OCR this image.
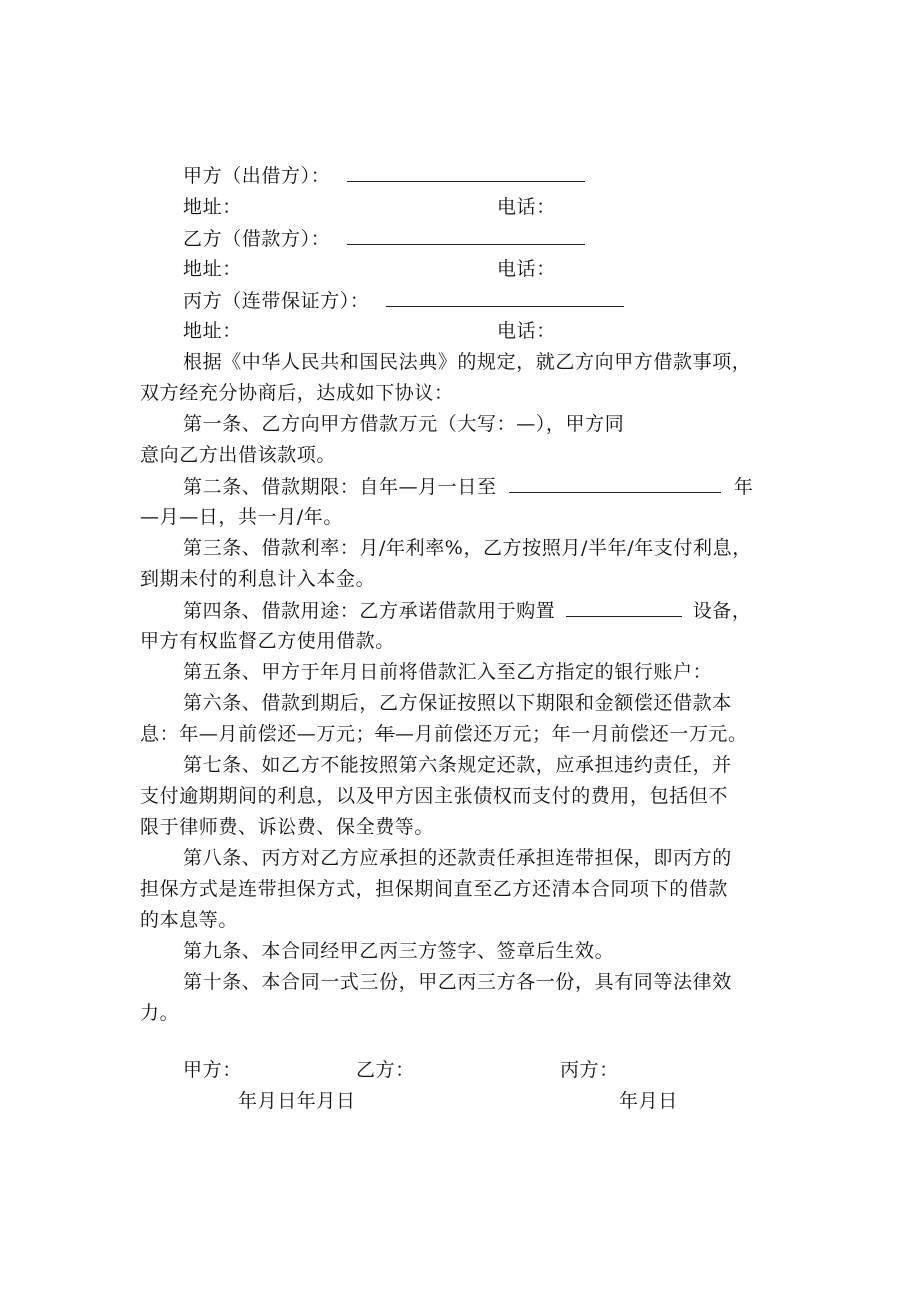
甲方（出借方）：
地址：	电话：
乙方（借款方）：
地址：	电话：
丙方（连带保证方）：
地址：	电话：
根据《中华人民共和国民法典》的规定，就乙方向甲方借款事项，
双方经充分协商后，达成如下协议：
第一条、乙方向甲方借款万元（大写：—），甲方同
意向乙方出借该款项。
第二条、借款期限：自年—月一日至	年
—月—日，共一月/年。
第三条、借款利率：月/年利率%，乙方按照月/半年/年支付利息，
到期未付的利息计入本金。
第四条、借款用途：乙方承诺借款用于购置	设备，
甲方有权监督乙方使用借款。
第五条、甲方于年月日前将借款汇入至乙方指定的银行账户：
第六条、借款到期后，乙方保证按照以下期限和金额偿还借款本
息：年—月前偿还—万元；年—月前偿还万元；年一月前偿还一万元。
第七条、如乙方不能按照第六条规定还款，应承担违约责任，并
支付逾期期间的利息，以及甲方因主张债权而支付的费用，包括但不
限于律师费、诉讼费、保全费等。
第八条、丙方对乙方应承担的还款责任承担连带担保，即丙方的
担保方式是连带担保方式，担保期间直至乙方还清本合同项下的借款
的本息等。
第九条、本合同经甲乙丙三方签字、签章后生效。
第十条、本合同一式三份，甲乙丙三方各一份，具有同等法律效
力。
甲方：	乙方：	丙方：
年月日年月日	年月日
